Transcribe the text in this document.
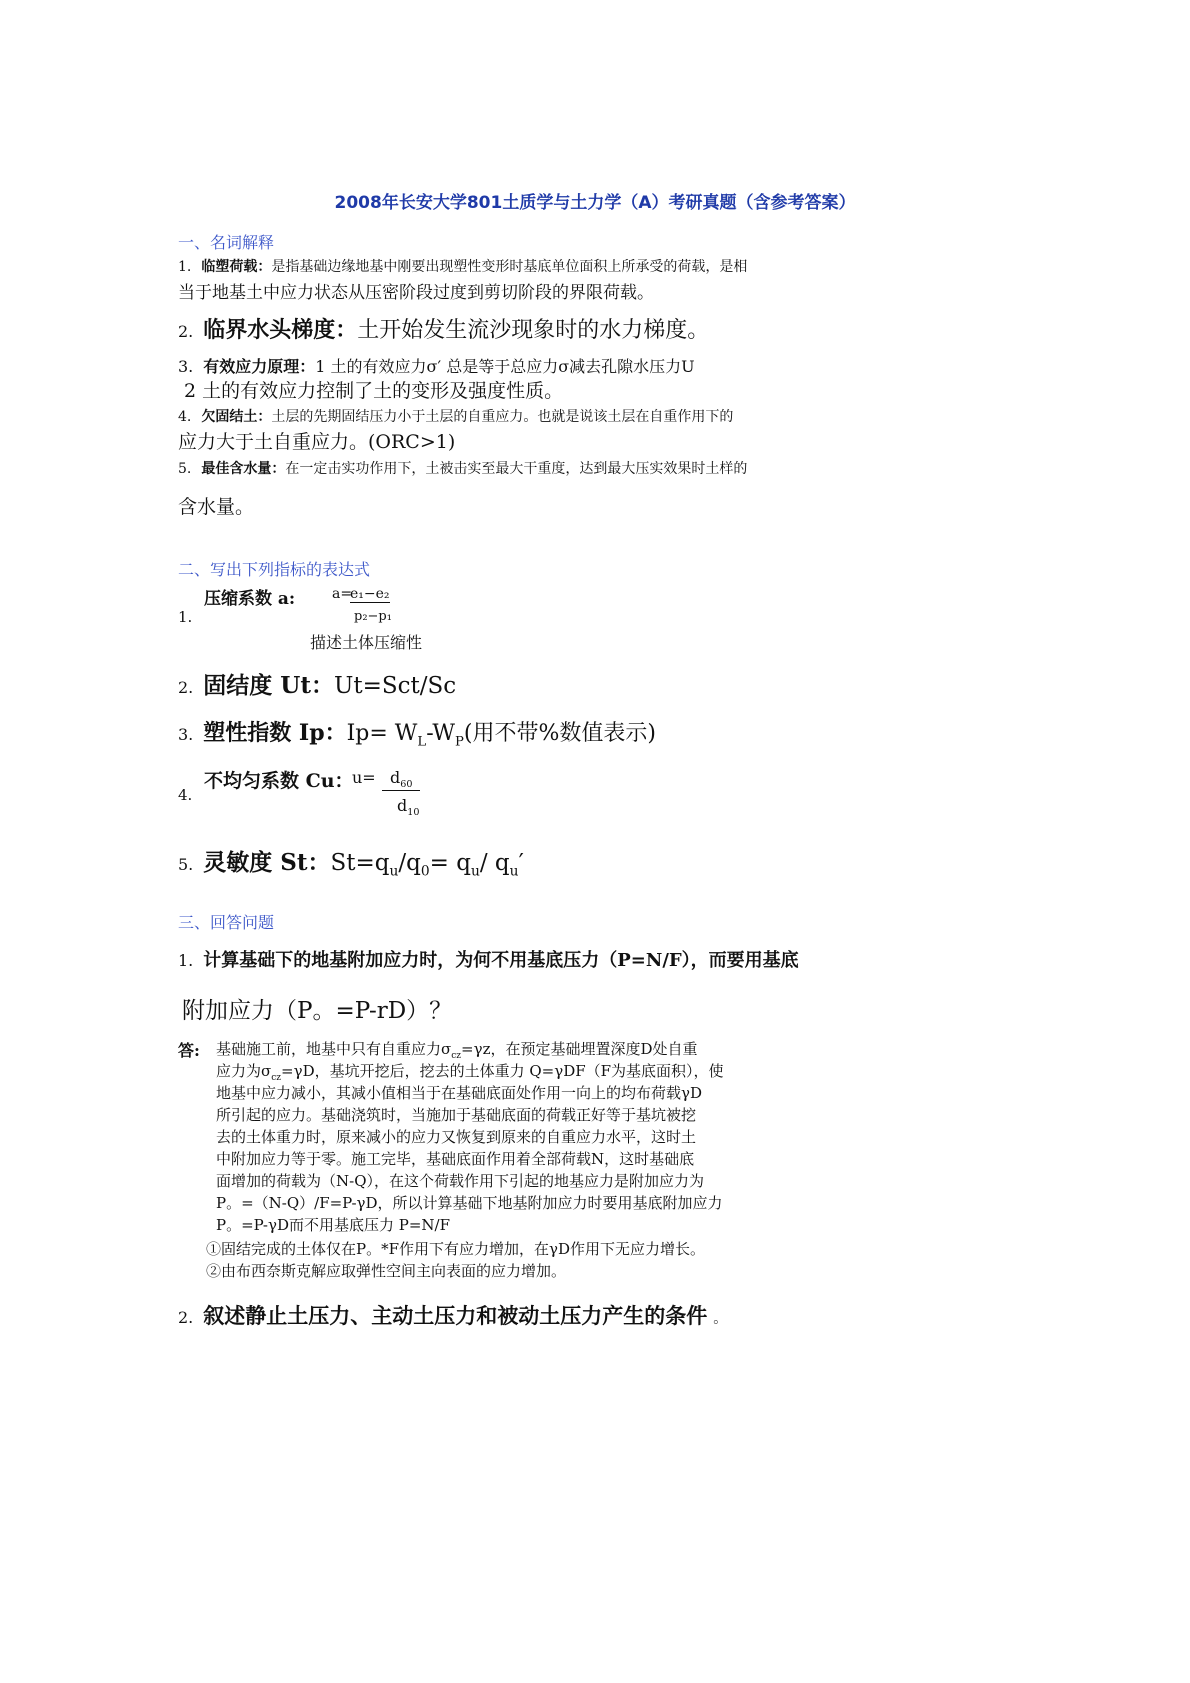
2008年长安大学801土质学与土力学（A）考研真题（含参考答案）
一、名词解释
1. 临塑荷载：是指基础边缘地基中刚要出现塑性变形时基底单位面积上所承受的荷载，是相
当于地基土中应力状态从压密阶段过度到剪切阶段的界限荷载。
2. 临界水头梯度：土开始发生流沙现象时的水力梯度。
3. 有效应力原理：1 土的有效应力σ′ 总是等于总应力σ减去孔隙水压力U
2 土的有效应力控制了土的变形及强度性质。
4. 欠固结土：土层的先期固结压力小于土层的自重应力。也就是说该土层在自重作用下的
应力大于土自重应力。(ORC>1)
5. 最佳含水量：在一定击实功作用下，土被击实至最大干重度，达到最大压实效果时土样的
含水量。
二、写出下列指标的表达式
1.
压缩系数 a:	a=
e₁−e₂
p₂−p₁
描述土体压缩性
2. 固结度 Ut：Ut=Sct/Sc
3. 塑性指数 Ip：$Ip= W_L-W_P$(用不带%数值表示)
4.
不均匀系数 Cu：
$u= d_{60}$
$d_{10}$
5. 灵敏度 St：$St=q_u/q_0= q_u/$ $q_u'$
三、回答问题
1. 计算基础下的地基附加应力时，为何不用基底压力（P=N/F），而要用基底
附加应力（P。=P-rD）？
答: 基础施工前，地基中只有自重应力$\sigma_{cz}=\gamma z$，在预定基础埋置深度D处自重
应力为$\sigma_{cz}=\gamma D$，基坑开挖后，挖去的土体重力 Q=γDF（F为基底面积），使
地基中应力减小，其减小值相当于在基础底面处作用一向上的均布荷载γD
所引起的应力。基础浇筑时，当施加于基础底面的荷载正好等于基坑被挖
去的土体重力时，原来减小的应力又恢复到原来的自重应力水平，这时土
中附加应力等于零。施工完毕，基础底面作用着全部荷载N，这时基础底
面增加的荷载为（N-Q），在这个荷载作用下引起的地基应力是附加应力为
P。=（N-Q）/F=P-γD，所以计算基础下地基附加应力时要用基底附加应力
P。=P-γD而不用基底压力 P=N/F
①固结完成的土体仅在P。*F作用下有应力增加，在γD作用下无应力增长。
②由布西奈斯克解应取弹性空间主向表面的应力增加。
2. 叙述静止土压力、主动土压力和被动土压力产生的条件 。
